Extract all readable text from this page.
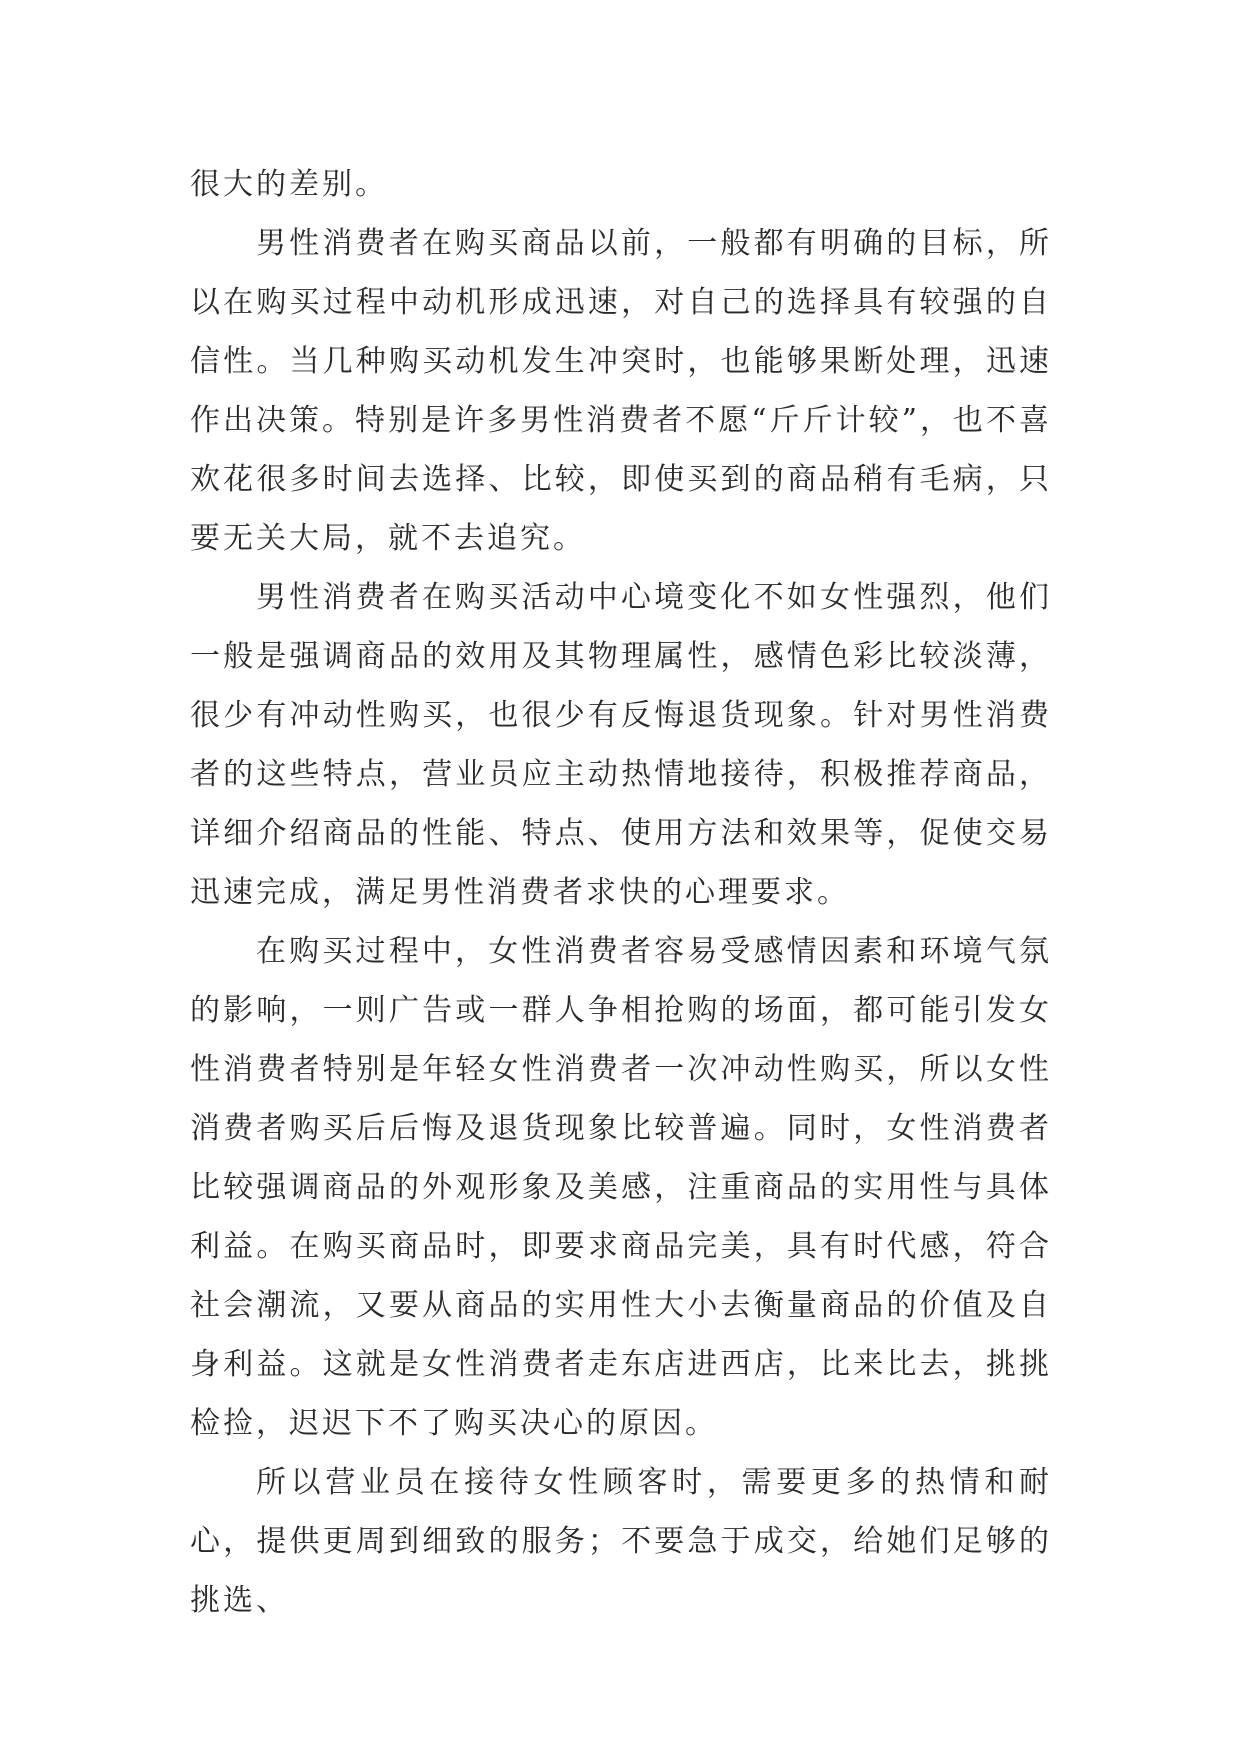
很大的差别。

男性消费者在购买商品以前，一般都有明确的目标，所以在购买过程中动机形成迅速，对自己的选择具有较强的自信性。当几种购买动机发生冲突时，也能够果断处理，迅速作出决策。特别是许多男性消费者不愿“斤斤计较”，也不喜欢花很多时间去选择、比较，即使买到的商品稍有毛病，只要无关大局，就不去追究。

男性消费者在购买活动中心境变化不如女性强烈，他们一般是强调商品的效用及其物理属性，感情色彩比较淡薄，很少有冲动性购买，也很少有反悔退货现象。针对男性消费者的这些特点，营业员应主动热情地接待，积极推荐商品，详细介绍商品的性能、特点、使用方法和效果等，促使交易迅速完成，满足男性消费者求快的心理要求。

在购买过程中，女性消费者容易受感情因素和环境气氛的影响，一则广告或一群人争相抢购的场面，都可能引发女性消费者特别是年轻女性消费者一次冲动性购买，所以女性消费者购买后后悔及退货现象比较普遍。同时，女性消费者比较强调商品的外观形象及美感，注重商品的实用性与具体利益。在购买商品时，即要求商品完美，具有时代感，符合社会潮流，又要从商品的实用性大小去衡量商品的价值及自身利益。这就是女性消费者走东店进西店，比来比去，挑挑检捡，迟迟下不了购买决心的原因。

所以营业员在接待女性顾客时，需要更多的热情和耐心，提供更周到细致的服务；不要急于成交，给她们足够的挑选、
